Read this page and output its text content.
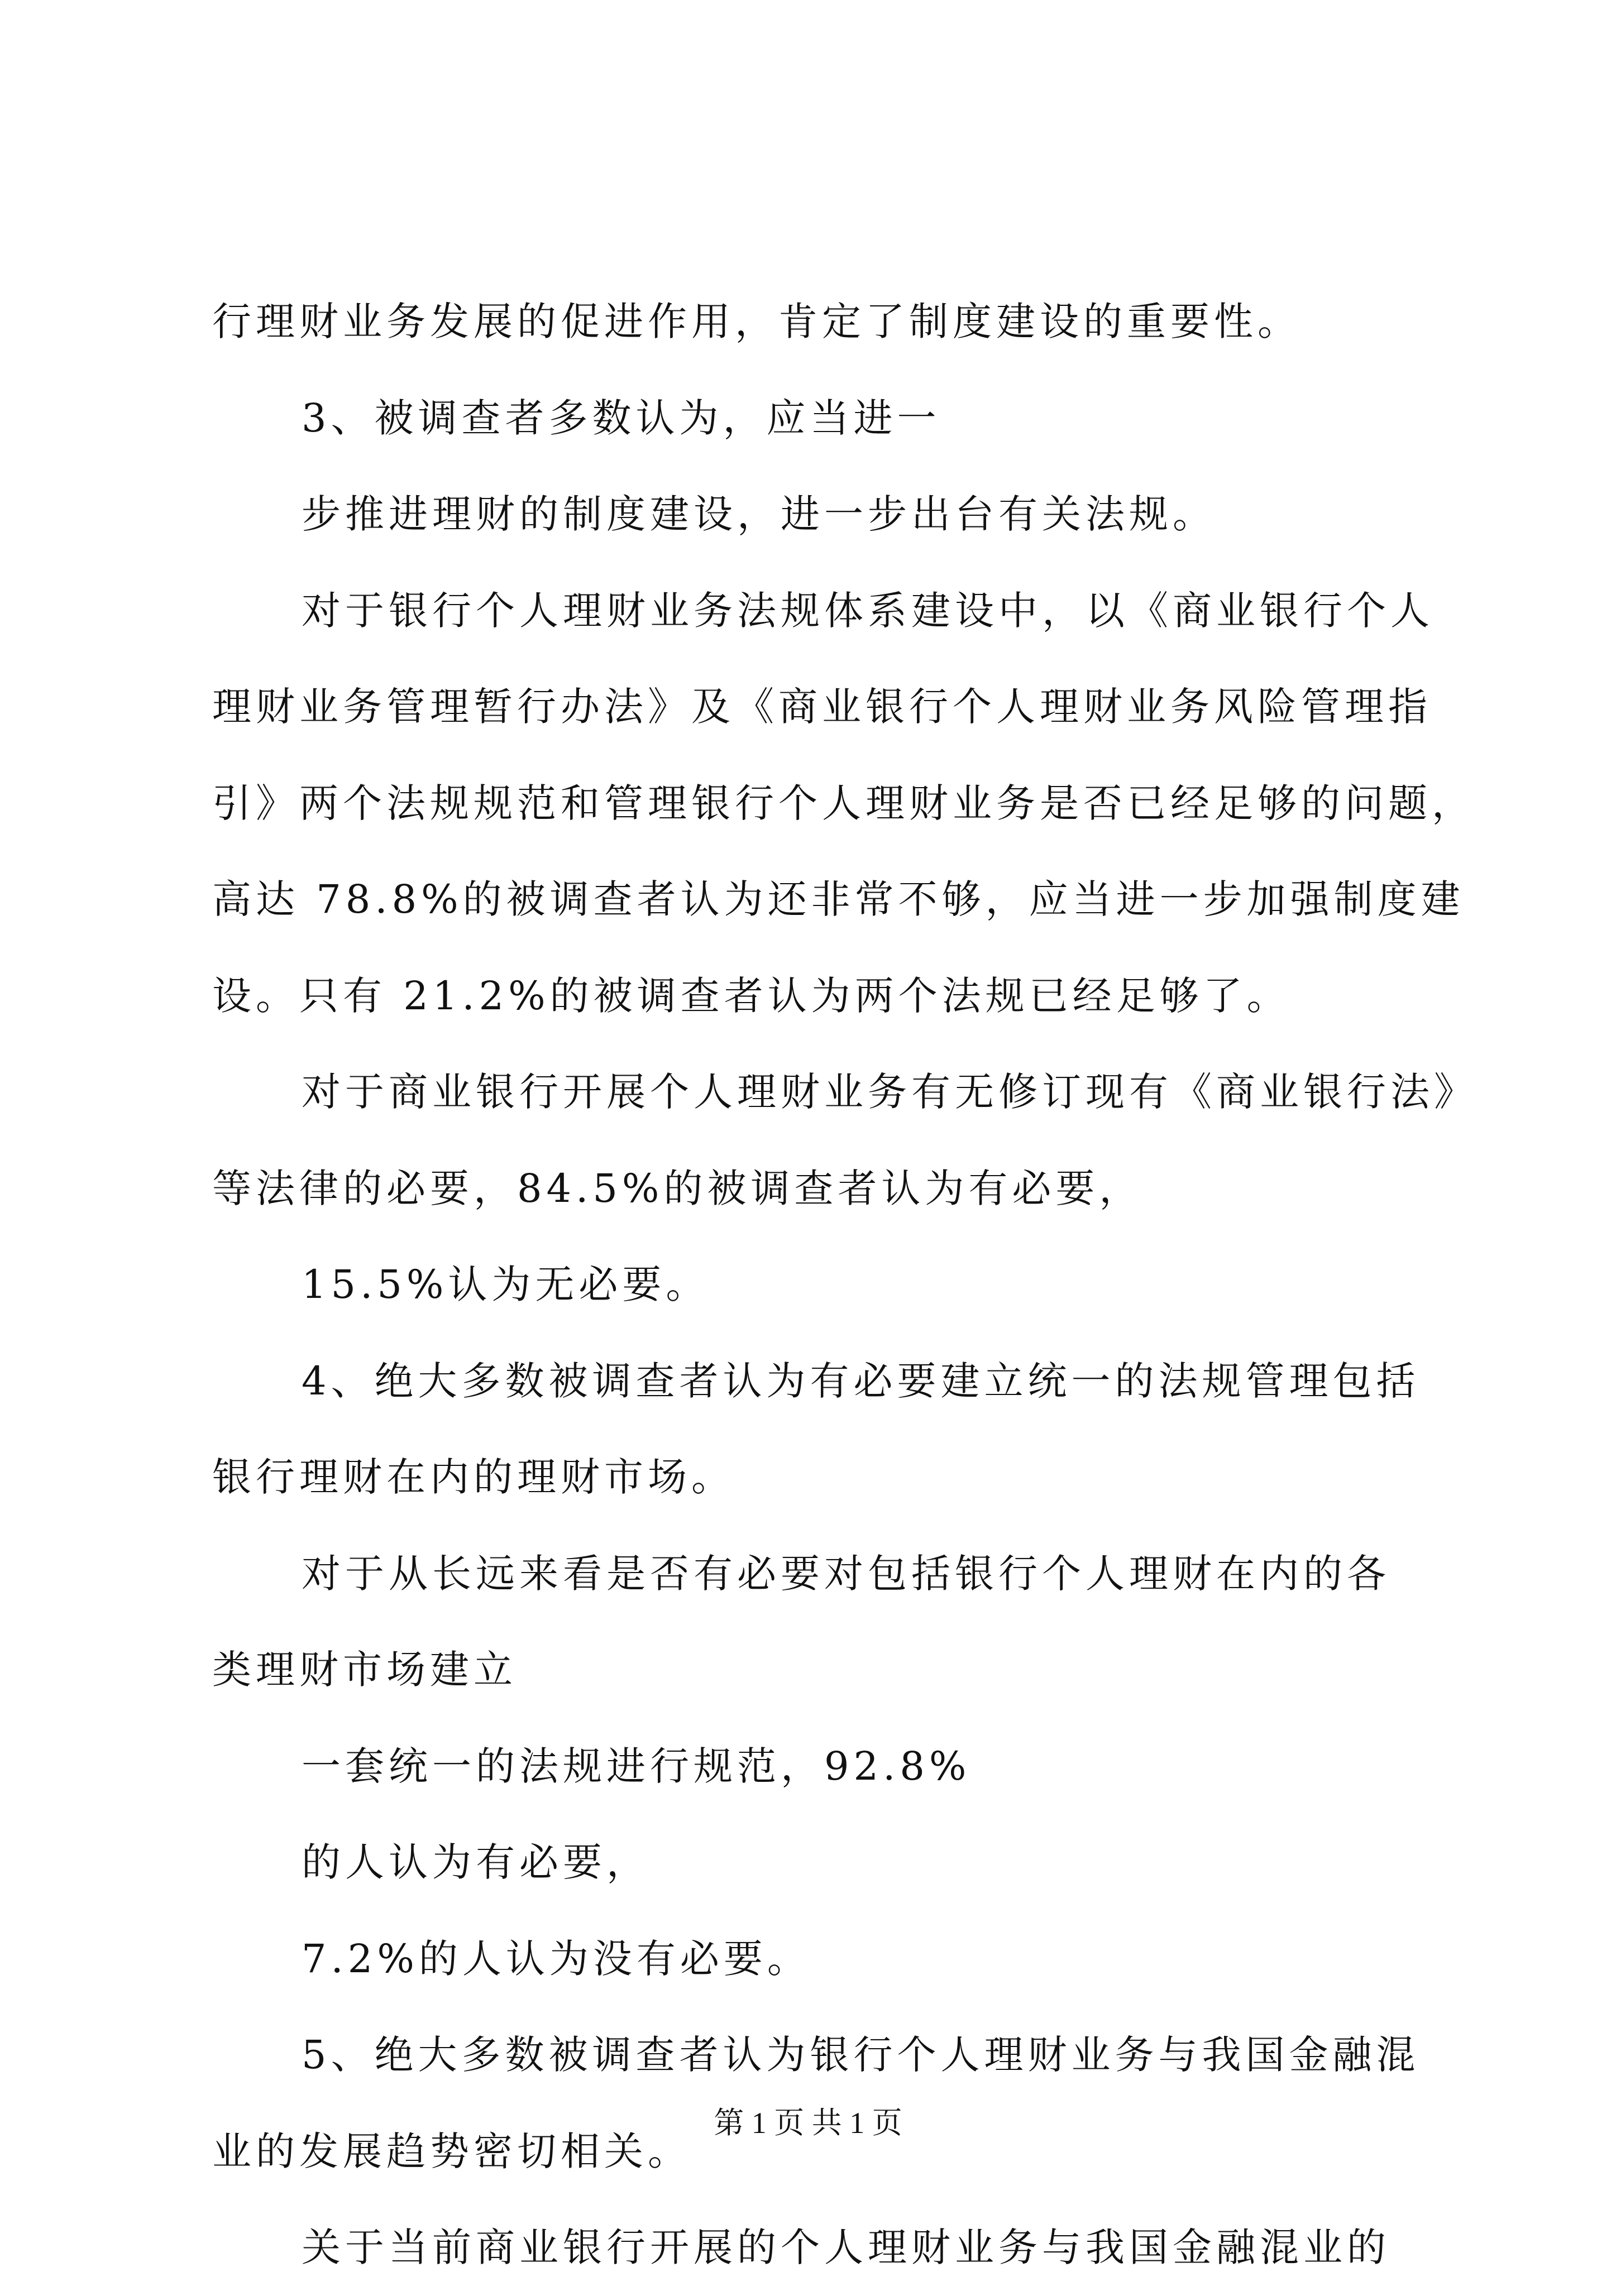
行理财业务发展的促进作用，肯定了制度建设的重要性。
3、被调查者多数认为，应当进一
步推进理财的制度建设，进一步出台有关法规。
对于银行个人理财业务法规体系建设中，以《商业银行个人
理财业务管理暂行办法》及《商业银行个人理财业务风险管理指
引》两个法规规范和管理银行个人理财业务是否已经足够的问题，
高达 78.8%的被调查者认为还非常不够，应当进一步加强制度建
设。只有 21.2%的被调查者认为两个法规已经足够了。
对于商业银行开展个人理财业务有无修订现有《商业银行法》
等法律的必要，84.5%的被调查者认为有必要，
15.5%认为无必要。
4、绝大多数被调查者认为有必要建立统一的法规管理包括
银行理财在内的理财市场。
对于从长远来看是否有必要对包括银行个人理财在内的各
类理财市场建立
一套统一的法规进行规范，92.8%
的人认为有必要，
7.2%的人认为没有必要。
5、绝大多数被调查者认为银行个人理财业务与我国金融混
业的发展趋势密切相关。
关于当前商业银行开展的个人理财业务与我国金融混业的
第 1 页 共 1 页
